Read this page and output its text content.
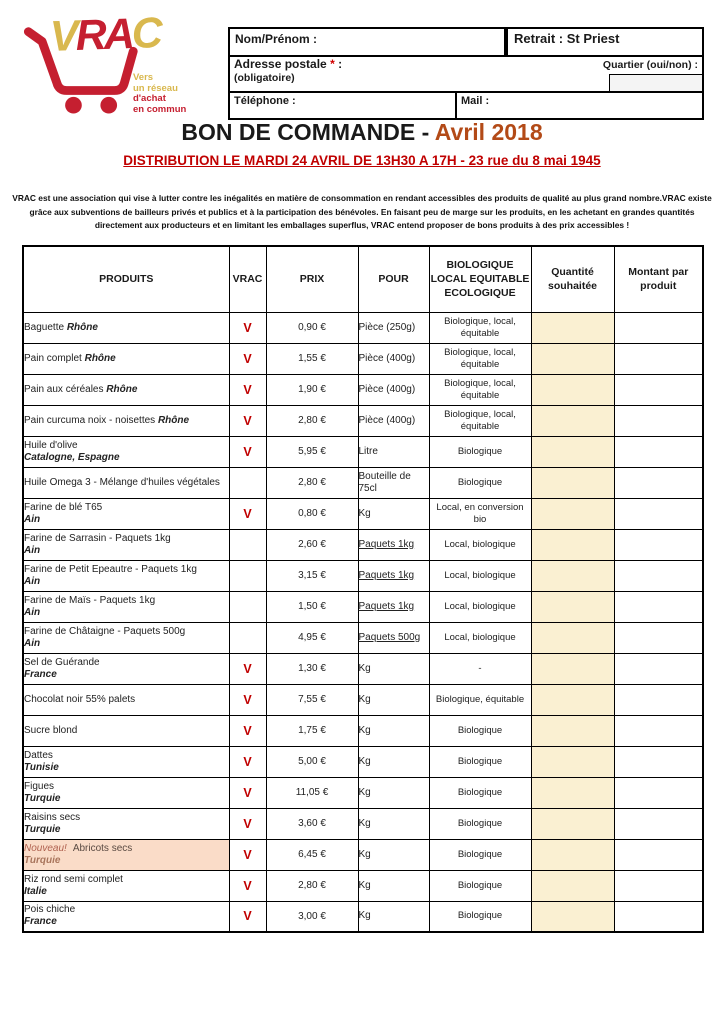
VRAC
Vers
un réseau
d'achat
en commun
Nom/Prénom :	Retrait : St Priest
Adresse postale * :
(obligatoire)
Quartier (oui/non) :
Téléphone :	Mail :
BON DE COMMANDE - Avril 2018
DISTRIBUTION LE MARDI 24 AVRIL DE 13H30 A 17H - 23 rue du 8 mai 1945
VRAC est une association qui vise à lutter contre les inégalités en matière de consommation en rendant accessibles des produits de qualité au plus grand nombre.VRAC existe grâce aux subventions de bailleurs privés et publics et à la participation des bénévoles. En faisant peu de marge sur les produits, en les achetant en grandes quantités directement aux producteurs et en limitant les emballages superflus, VRAC entend proposer de bons produits à des prix accessibles !
PRODUITS	VRAC	PRIX	POUR	BIOLOGIQUE LOCAL EQUITABLE ECOLOGIQUE	Quantité souhaitée	Montant par produit

Baguette Rhône	V	0,90 €	Pièce (250g)	Biologique, local, équitable		

Pain complet Rhône	V	1,55 €	Pièce (400g)	Biologique, local, équitable		

Pain aux céréales Rhône	V	1,90 €	Pièce (400g)	Biologique, local, équitable		

Pain curcuma noix - noisettes Rhône	V	2,80 €	Pièce (400g)	Biologique, local, équitable		

Huile d'olive
Catalogne, Espagne	V	5,95 €	Litre	Biologique		

Huile Omega 3 - Mélange d'huiles végétales		2,80 €	Bouteille de 75cl	Biologique		

Farine de blé T65
Ain	V	0,80 €	Kg	Local, en conversion bio		

Farine de Sarrasin - Paquets 1kg
Ain		2,60 €	Paquets 1kg	Local, biologique		

Farine de Petit Epeautre - Paquets 1kg
Ain		3,15 €	Paquets 1kg	Local, biologique		

Farine de Maïs - Paquets 1kg
Ain		1,50 €	Paquets 1kg	Local, biologique		

Farine de Châtaigne - Paquets 500g
Ain		4,95 €	Paquets 500g	Local, biologique		

Sel de Guérande
France	V	1,30 €	Kg	-		

Chocolat noir 55% palets	V	7,55 €	Kg	Biologique, équitable		

Sucre blond	V	1,75 €	Kg	Biologique		

Dattes
Tunisie	V	5,00 €	Kg	Biologique		

Figues
Turquie	V	11,05 €	Kg	Biologique		

Raisins secs
Turquie	V	3,60 €	Kg	Biologique		

Nouveau! Abricots secs
Turquie	V	6,45 €	Kg	Biologique		

Riz rond semi complet
Italie	V	2,80 €	Kg	Biologique		

Pois chiche
France	V	3,00 €	Kg	Biologique		
